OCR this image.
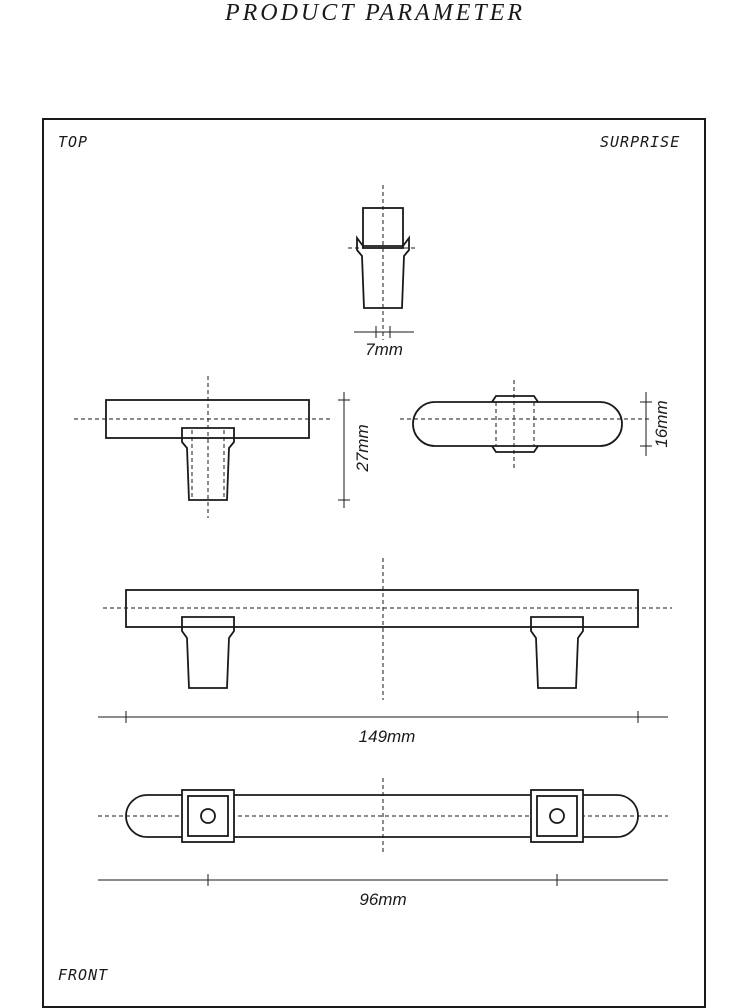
PRODUCT PARAMETER
TOP	SURPRISE
FRONT
7mm
27mm
16mm
149mm
96mm
